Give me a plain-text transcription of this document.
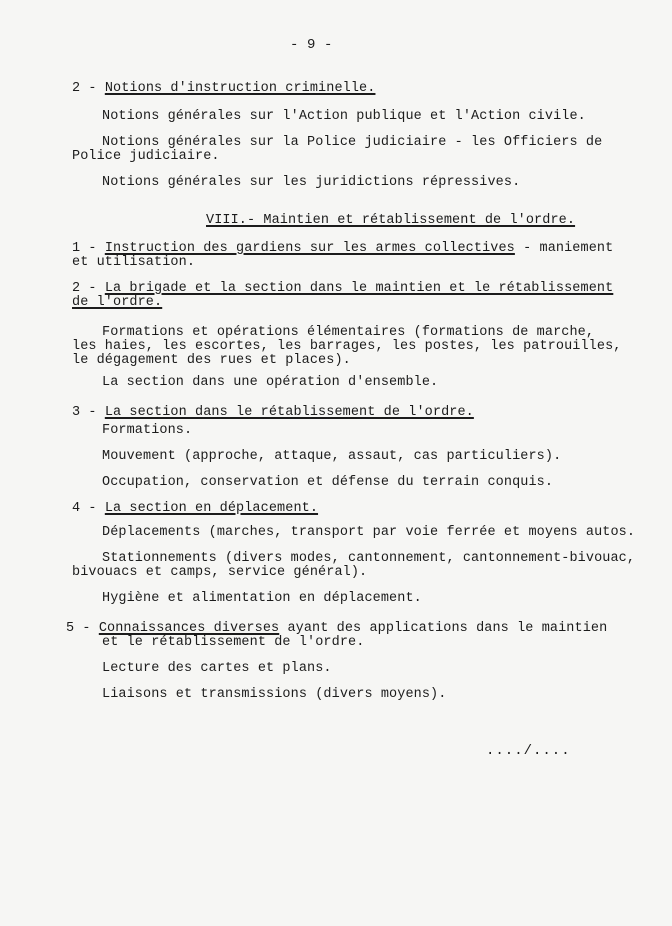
- 9 -
2 - Notions d'instruction criminelle.
Notions générales sur l'Action publique et l'Action civile.
Notions générales sur la Police judiciaire - les Officiers de
Police judiciaire.
Notions générales sur les juridictions répressives.
VIII.- Maintien et rétablissement de l'ordre.
1 - Instruction des gardiens sur les armes collectives - maniement
et utilisation.
2 - La brigade et la section dans le maintien et le rétablissement
de l'ordre.
Formations et opérations élémentaires (formations de marche,
les haies, les escortes, les barrages, les postes, les patrouilles,
le dégagement des rues et places).
La section dans une opération d'ensemble.
3 - La section dans le rétablissement de l'ordre.
Formations.
Mouvement (approche, attaque, assaut, cas particuliers).
Occupation, conservation et défense du terrain conquis.
4 - La section en déplacement.
Déplacements (marches, transport par voie ferrée et moyens autos.
Stationnements (divers modes, cantonnement, cantonnement-bivouac,
bivouacs et camps, service général).
Hygiène et alimentation en déplacement.
5 - Connaissances diverses ayant des applications dans le maintien
et le rétablissement de l'ordre.
Lecture des cartes et plans.
Liaisons et transmissions (divers moyens).
..../....
